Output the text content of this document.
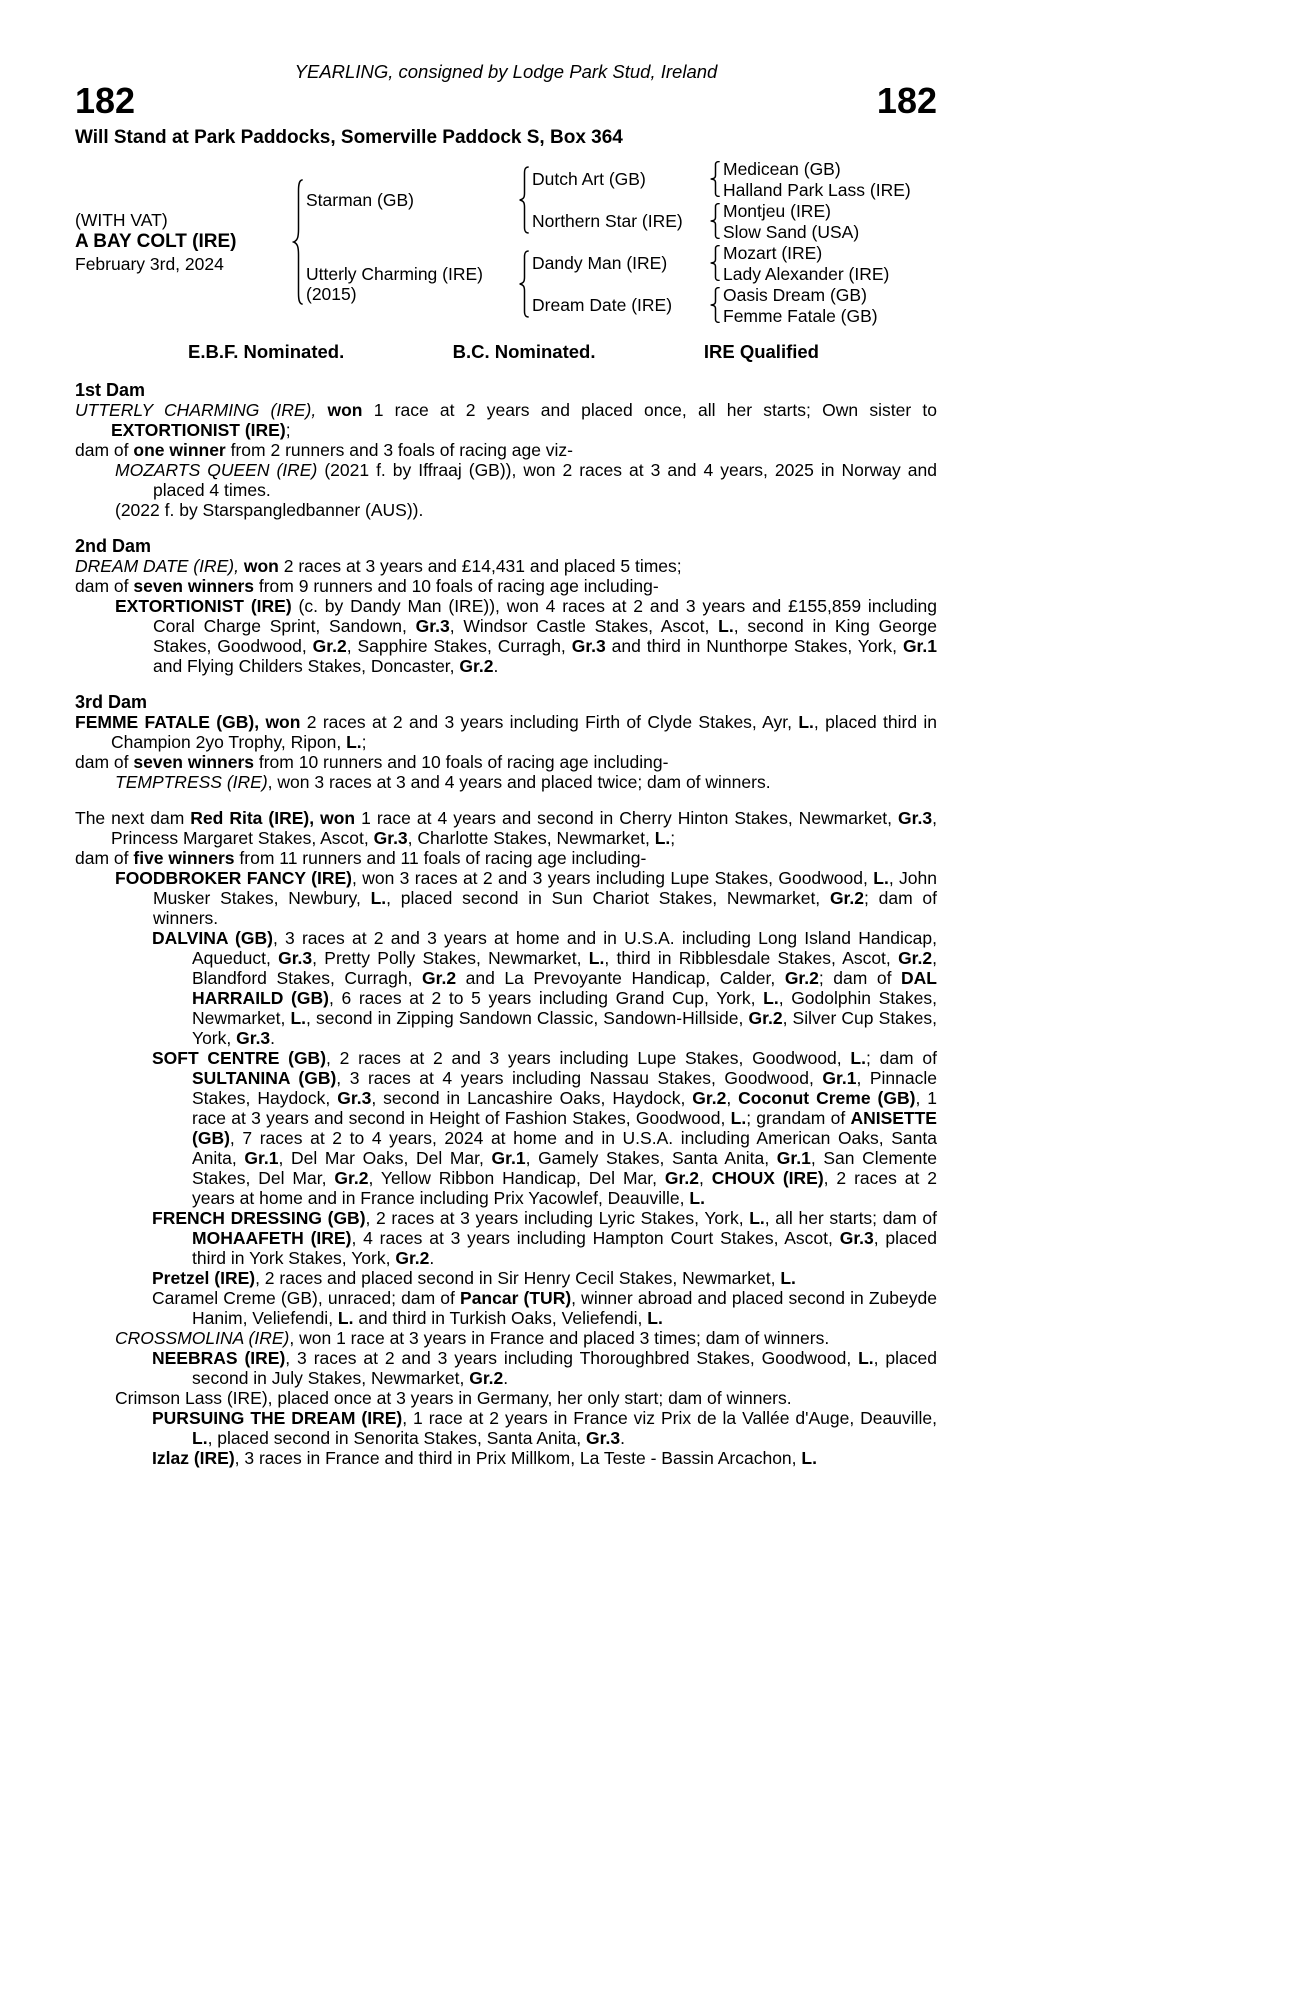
YEARLING, consigned by Lodge Park Stud, Ireland
182	182
Will Stand at Park Paddocks, Somerville Paddock S, Box 364
(WITH VAT)
A BAY COLT (IRE)
February 3rd, 2024
Starman (GB)
Utterly Charming (IRE)
(2015)
Dutch Art (GB)
Northern Star (IRE)
Dandy Man (IRE)
Dream Date (IRE)
Medicean (GB)
Halland Park Lass (IRE)
Montjeu (IRE)
Slow Sand (USA)
Mozart (IRE)
Lady Alexander (IRE)
Oasis Dream (GB)
Femme Fatale (GB)
E.B.F. Nominated.	B.C. Nominated.	IRE Qualified
1st Dam

UTTERLY CHARMING (IRE), won 1 race at 2 years and placed once, all her starts; Own sister to EXTORTIONIST (IRE);

dam of one winner from 2 runners and 3 foals of racing age viz-

MOZARTS QUEEN (IRE) (2021 f. by Iffraaj (GB)), won 2 races at 3 and 4 years, 2025 in Norway and placed 4 times.

(2022 f. by Starspangledbanner (AUS)).

2nd Dam

DREAM DATE (IRE), won 2 races at 3 years and £14,431 and placed 5 times;

dam of seven winners from 9 runners and 10 foals of racing age including-

EXTORTIONIST (IRE) (c. by Dandy Man (IRE)), won 4 races at 2 and 3 years and £155,859 including Coral Charge Sprint, Sandown, Gr.3, Windsor Castle Stakes, Ascot, L., second in King George Stakes, Goodwood, Gr.2, Sapphire Stakes, Curragh, Gr.3 and third in Nunthorpe Stakes, York, Gr.1 and Flying Childers Stakes, Doncaster, Gr.2.

3rd Dam

FEMME FATALE (GB), won 2 races at 2 and 3 years including Firth of Clyde Stakes, Ayr, L., placed third in Champion 2yo Trophy, Ripon, L.;

dam of seven winners from 10 runners and 10 foals of racing age including-

TEMPTRESS (IRE), won 3 races at 3 and 4 years and placed twice; dam of winners.

The next dam Red Rita (IRE), won 1 race at 4 years and second in Cherry Hinton Stakes, Newmarket, Gr.3, Princess Margaret Stakes, Ascot, Gr.3, Charlotte Stakes, Newmarket, L.;

dam of five winners from 11 runners and 11 foals of racing age including-

FOODBROKER FANCY (IRE), won 3 races at 2 and 3 years including Lupe Stakes, Goodwood, L., John Musker Stakes, Newbury, L., placed second in Sun Chariot Stakes, Newmarket, Gr.2; dam of winners.

DALVINA (GB), 3 races at 2 and 3 years at home and in U.S.A. including Long Island Handicap, Aqueduct, Gr.3, Pretty Polly Stakes, Newmarket, L., third in Ribblesdale Stakes, Ascot, Gr.2, Blandford Stakes, Curragh, Gr.2 and La Prevoyante Handicap, Calder, Gr.2; dam of DAL HARRAILD (GB), 6 races at 2 to 5 years including Grand Cup, York, L., Godolphin Stakes, Newmarket, L., second in Zipping Sandown Classic, Sandown-Hillside, Gr.2, Silver Cup Stakes, York, Gr.3.

SOFT CENTRE (GB), 2 races at 2 and 3 years including Lupe Stakes, Goodwood, L.; dam of SULTANINA (GB), 3 races at 4 years including Nassau Stakes, Goodwood, Gr.1, Pinnacle Stakes, Haydock, Gr.3, second in Lancashire Oaks, Haydock, Gr.2, Coconut Creme (GB), 1 race at 3 years and second in Height of Fashion Stakes, Goodwood, L.; grandam of ANISETTE (GB), 7 races at 2 to 4 years, 2024 at home and in U.S.A. including American Oaks, Santa Anita, Gr.1, Del Mar Oaks, Del Mar, Gr.1, Gamely Stakes, Santa Anita, Gr.1, San Clemente Stakes, Del Mar, Gr.2, Yellow Ribbon Handicap, Del Mar, Gr.2, CHOUX (IRE), 2 races at 2 years at home and in France including Prix Yacowlef, Deauville, L.

FRENCH DRESSING (GB), 2 races at 3 years including Lyric Stakes, York, L., all her starts; dam of MOHAAFETH (IRE), 4 races at 3 years including Hampton Court Stakes, Ascot, Gr.3, placed third in York Stakes, York, Gr.2.

Pretzel (IRE), 2 races and placed second in Sir Henry Cecil Stakes, Newmarket, L.

Caramel Creme (GB), unraced; dam of Pancar (TUR), winner abroad and placed second in Zubeyde Hanim, Veliefendi, L. and third in Turkish Oaks, Veliefendi, L.

CROSSMOLINA (IRE), won 1 race at 3 years in France and placed 3 times; dam of winners.

NEEBRAS (IRE), 3 races at 2 and 3 years including Thoroughbred Stakes, Goodwood, L., placed second in July Stakes, Newmarket, Gr.2.

Crimson Lass (IRE), placed once at 3 years in Germany, her only start; dam of winners.

PURSUING THE DREAM (IRE), 1 race at 2 years in France viz Prix de la Vallée d'Auge, Deauville, L., placed second in Senorita Stakes, Santa Anita, Gr.3.

Izlaz (IRE), 3 races in France and third in Prix Millkom, La Teste - Bassin Arcachon, L.
